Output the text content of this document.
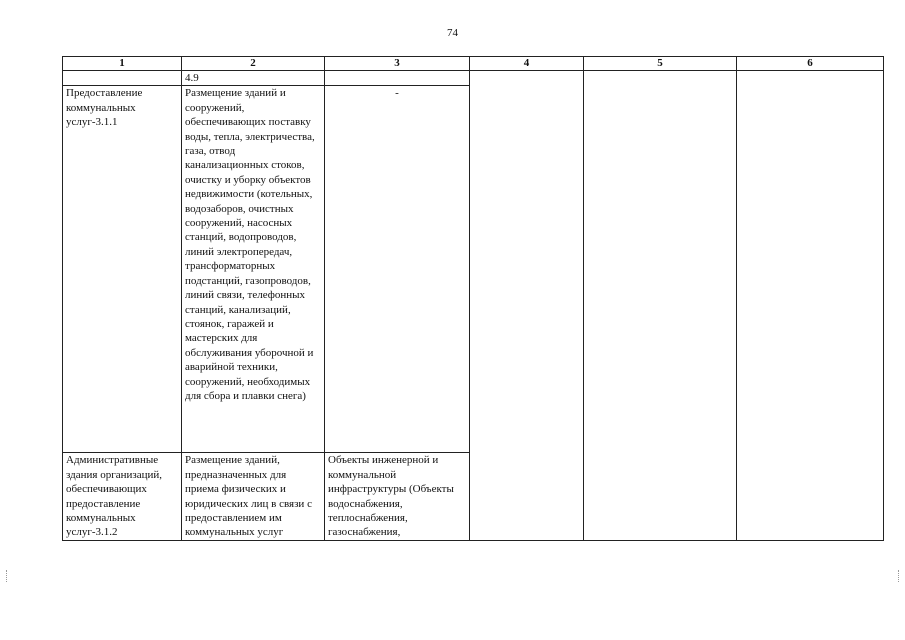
74
1	2	3	4	5	6
	4.9				
Предоставление коммунальных услуг-3.1.1	Размещение зданий и сооружений, обеспечивающих поставку воды, тепла, электричества, газа, отвод канализационных стоков, очистку и уборку объектов недвижимости (котельных, водозаборов, очистных сооружений, насосных станций, водопроводов, линий электропередач, трансформаторных подстанций, газопроводов, линий связи, телефонных станций, канализаций, стоянок, гаражей и мастерских для обслуживания уборочной и аварийной техники, сооружений, необходимых для сбора и плавки снега)	-			
Административные здания организаций, обеспечивающих предоставление коммунальных услуг-3.1.2	Размещение зданий, предназначенных для приема физических и юридических лиц в связи с предоставлением им коммунальных услуг	Объекты инженерной и коммунальной инфраструктуры (Объекты водоснабжения, теплоснабжения, газоснабжения,			
